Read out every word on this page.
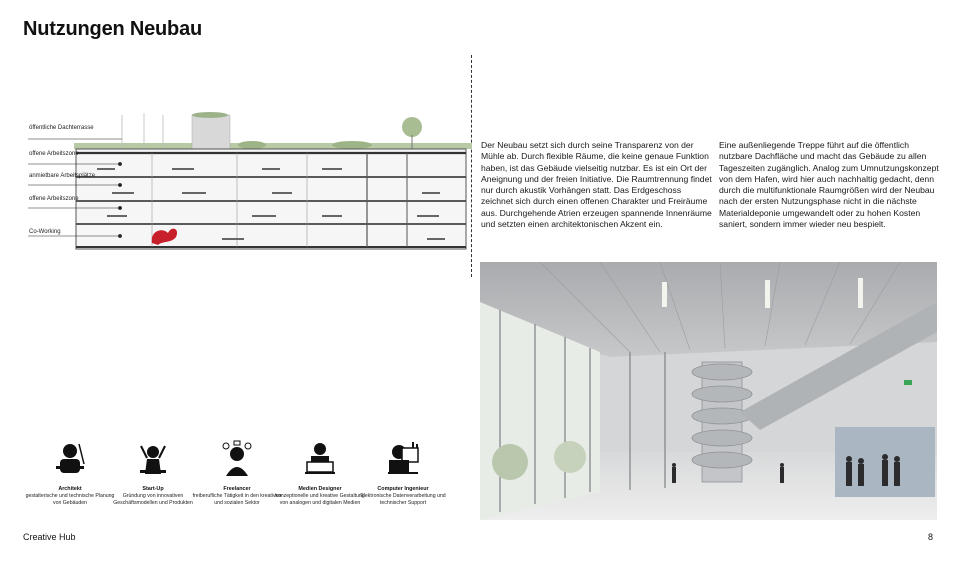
Nutzungen Neubau
öffentliche Dachterrasse
offene Arbeitszone
anmietbare Arbeitsplätze
offene Arbeitszone
Co-Working
Der Neubau setzt sich durch seine Transparenz von der Mühle ab. Durch flexible Räume, die keine genaue Funktion haben, ist das Gebäude vielseitig nutzbar. Es ist ein Ort der Aneignung und der freien Initiative. Die Raumtrennung findet nur durch akustik Vorhängen statt. Das Erdgeschoss zeichnet sich durch einen offenen Charakter und Freiräume aus. Durchgehende Atrien erzeugen spannende Innenräume und setzten einen architektonischen Akzent ein.
Eine außenliegende Treppe führt auf die öffentlich nutzbare Dachfläche und macht das Gebäude zu allen Tageszeiten zugänglich. Analog zum Umnutzungskonzept von dem Hafen, wird hier auch nachhaltig gedacht, denn durch die multifunktionale Raumgrößen wird der Neubau nach der ersten Nutzungsphase nicht in die nächste Materialdeponie umgewandelt oder zu hohen Kosten saniert, sondern immer wieder neu bespielt.
Architekt
gestalterische und technische Planung von Gebäuden
Start-Up
Gründung von innovativen Geschäftsmodellen und Produkten
Freelancer
freiberufliche Tätigkeit in den kreativen und sozialen Sektor
Medien Designer
konzeptionelle und kreative Gestaltung von analogen und digitalen Medien
Computer Ingenieur
Elektronische Datenverarbeitung und technischer Support
Creative Hub	8
